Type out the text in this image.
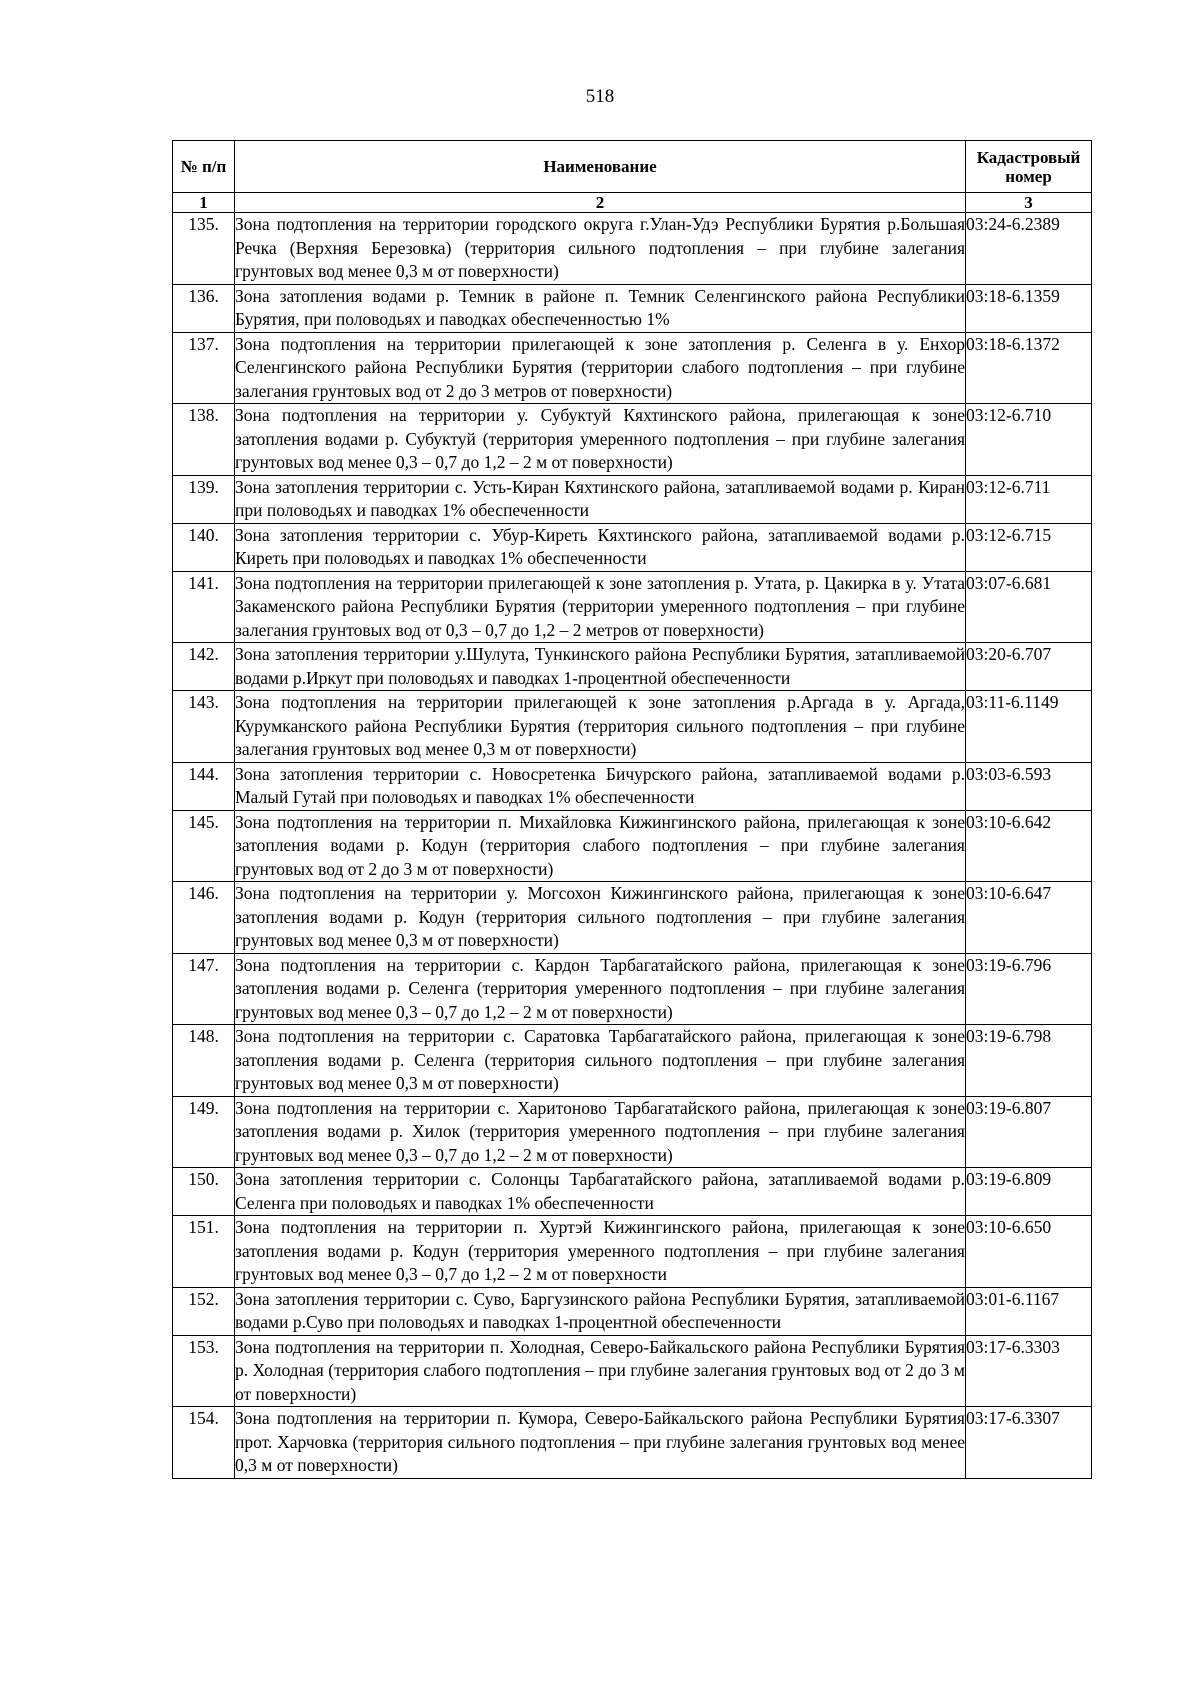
518
№ п/п	Наименование	Кадастровый номер
1	2	3
135.	Зона подтопления на территории городского округа г.Улан-Удэ Республики Бурятия р.Большая Речка (Верхняя Березовка) (территория сильного подтопления – при глубине залегания грунтовых вод менее 0,3 м от поверхности)	03:24-6.2389
136.	Зона затопления водами р. Темник в районе п. Темник Селенгинского района Республики Бурятия, при половодьях и паводках обеспеченностью 1%	03:18-6.1359
137.	Зона подтопления на территории прилегающей к зоне затопления р. Селенга в у. Енхор Селенгинского района Республики Бурятия (территории слабого подтопления – при глубине залегания грунтовых вод от 2 до 3 метров от поверхности)	03:18-6.1372
138.	Зона подтопления на территории у. Субуктуй Кяхтинского района, прилегающая к зоне затопления водами р. Субуктуй (территория умеренного подтопления – при глубине залегания грунтовых вод менее 0,3 – 0,7 до 1,2 – 2 м от поверхности)	03:12-6.710
139.	Зона затопления территории с. Усть-Киран Кяхтинского района, затапливаемой водами р. Киран при половодьях и паводках 1% обеспеченности	03:12-6.711
140.	Зона затопления территории с. Убур-Киреть Кяхтинского района, затапливаемой водами р. Киреть при половодьях и паводках 1% обеспеченности	03:12-6.715
141.	Зона подтопления на территории прилегающей к зоне затопления р. Утата, р. Цакирка в у. Утата Закаменского района Республики Бурятия (территории умеренного подтопления – при глубине залегания грунтовых вод от 0,3 – 0,7 до 1,2 – 2 метров от поверхности)	03:07-6.681
142.	Зона затопления территории у.Шулута, Тункинского района Республики Бурятия, затапливаемой водами р.Иркут при половодьях и паводках 1-процентной обеспеченности	03:20-6.707
143.	Зона подтопления на территории прилегающей к зоне затопления р.Аргада в у. Аргада, Курумканского района Республики Бурятия (территория сильного подтопления – при глубине залегания грунтовых вод менее 0,3 м от поверхности)	03:11-6.1149
144.	Зона затопления территории с. Новосретенка Бичурского района, затапливаемой водами р. Малый Гутай при половодьях и паводках 1% обеспеченности	03:03-6.593
145.	Зона подтопления на территории п. Михайловка Кижингинского района, прилегающая к зоне затопления водами р. Кодун (территория слабого подтопления – при глубине залегания грунтовых вод от 2 до 3 м от поверхности)	03:10-6.642
146.	Зона подтопления на территории у. Могсохон Кижингинского района, прилегающая к зоне затопления водами р. Кодун (территория сильного подтопления – при глубине залегания грунтовых вод менее 0,3 м от поверхности)	03:10-6.647
147.	Зона подтопления на территории с. Кардон Тарбагатайского района, прилегающая к зоне затопления водами р. Селенга (территория умеренного подтопления – при глубине залегания грунтовых вод менее 0,3 – 0,7 до 1,2 – 2 м от поверхности)	03:19-6.796
148.	Зона подтопления на территории с. Саратовка Тарбагатайского района, прилегающая к зоне затопления водами р. Селенга (территория сильного подтопления – при глубине залегания грунтовых вод менее 0,3 м от поверхности)	03:19-6.798
149.	Зона подтопления на территории с. Харитоново Тарбагатайского района, прилегающая к зоне затопления водами р. Хилок (территория умеренного подтопления – при глубине залегания грунтовых вод менее 0,3 – 0,7 до 1,2 – 2 м от поверхности)	03:19-6.807
150.	Зона затопления территории с. Солонцы Тарбагатайского района, затапливаемой водами р. Селенга при половодьях и паводках 1% обеспеченности	03:19-6.809
151.	Зона подтопления на территории п. Хуртэй Кижингинского района, прилегающая к зоне затопления водами р. Кодун (территория умеренного подтопления – при глубине залегания грунтовых вод менее 0,3 – 0,7 до 1,2 – 2 м от поверхности	03:10-6.650
152.	Зона затопления территории с. Суво, Баргузинского района Республики Бурятия, затапливаемой водами р.Суво при половодьях и паводках 1-процентной обеспеченности	03:01-6.1167
153.	Зона подтопления на территории п. Холодная, Северо-Байкальского района Республики Бурятия р. Холодная (территория слабого подтопления – при глубине залегания грунтовых вод от 2 до 3 м от поверхности)	03:17-6.3303
154.	Зона подтопления на территории п. Кумора, Северо-Байкальского района Республики Бурятия прот. Харчовка (территория сильного подтопления – при глубине залегания грунтовых вод менее 0,3 м от поверхности)	03:17-6.3307
